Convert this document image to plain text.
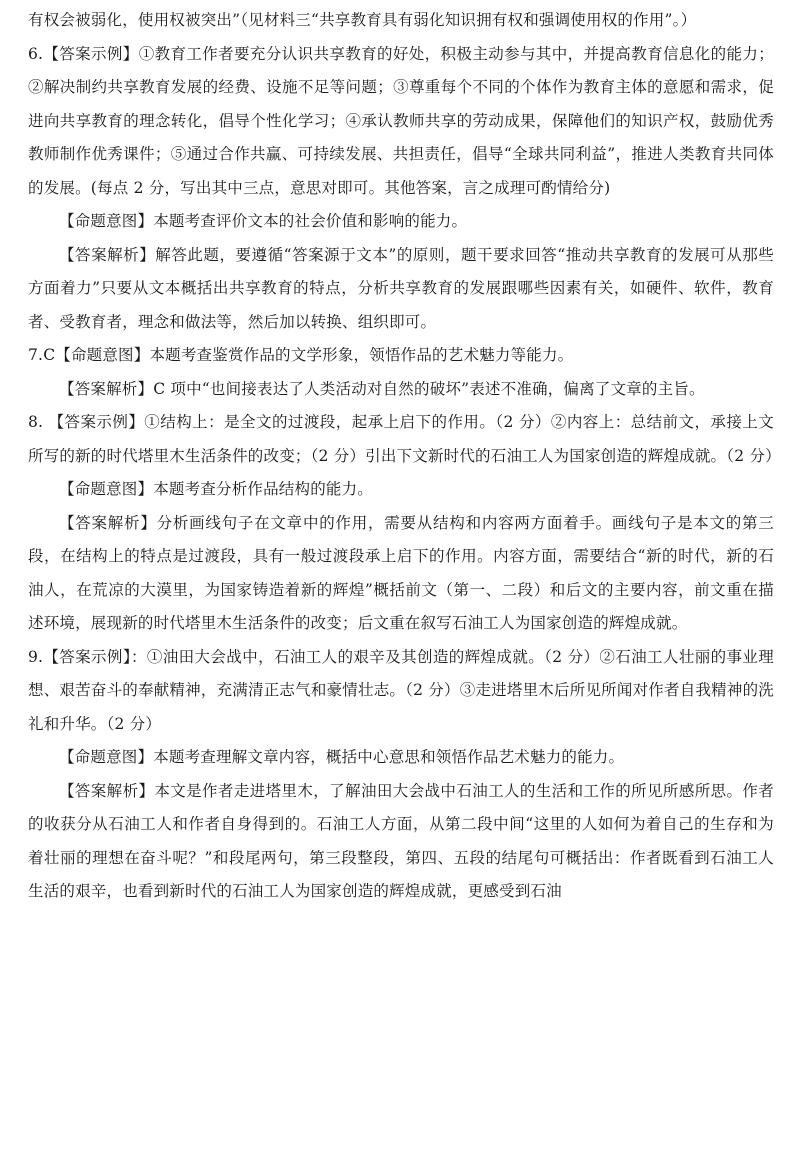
有权会被弱化，使用权被突出”（见材料三“共享教育具有弱化知识拥有权和强调使用权的作用”。）

6.【答案示例】①教育工作者要充分认识共享教育的好处，积极主动参与其中，并提高教育信息化的能力；②解决制约共享教育发展的经费、设施不足等问题；③尊重每个不同的个体作为教育主体的意愿和需求，促进向共享教育的理念转化，倡导个性化学习；④承认教师共享的劳动成果，保障他们的知识产权，鼓励优秀教师制作优秀课件；⑤通过合作共赢、可持续发展、共担责任，倡导“全球共同利益”，推进人类教育共同体的发展。(每点 2 分，写出其中三点，意思对即可。其他答案，言之成理可酌情给分)

【命题意图】本题考查评价文本的社会价值和影响的能力。

【答案解析】解答此题，要遵循“答案源于文本”的原则，题干要求回答“推动共享教育的发展可从那些方面着力”只要从文本概括出共享教育的特点，分析共享教育的发展跟哪些因素有关，如硬件、软件，教育者、受教育者，理念和做法等，然后加以转换、组织即可。

7.C【命题意图】本题考查鉴赏作品的文学形象，领悟作品的艺术魅力等能力。

【答案解析】C 项中“也间接表达了人类活动对自然的破坏”表述不准确，偏离了文章的主旨。

8. 【答案示例】①结构上：是全文的过渡段，起承上启下的作用。（2 分）②内容上：总结前文，承接上文所写的新的时代塔里木生活条件的改变；（2 分）引出下文新时代的石油工人为国家创造的辉煌成就。（2 分）

【命题意图】本题考查分析作品结构的能力。

【答案解析】分析画线句子在文章中的作用，需要从结构和内容两方面着手。画线句子是本文的第三段，在结构上的特点是过渡段，具有一般过渡段承上启下的作用。内容方面，需要结合“新的时代，新的石油人，在荒凉的大漠里，为国家铸造着新的辉煌”概括前文（第一、二段）和后文的主要内容，前文重在描述环境，展现新的时代塔里木生活条件的改变；后文重在叙写石油工人为国家创造的辉煌成就。

9.【答案示例】：①油田大会战中，石油工人的艰辛及其创造的辉煌成就。（2 分）②石油工人壮丽的事业理想、艰苦奋斗的奉献精神，充满清正志气和豪情壮志。（2 分）③走进塔里木后所见所闻对作者自我精神的洗礼和升华。（2 分）

【命题意图】本题考查理解文章内容，概括中心意思和领悟作品艺术魅力的能力。

【答案解析】本文是作者走进塔里木，了解油田大会战中石油工人的生活和工作的所见所感所思。作者的收获分从石油工人和作者自身得到的。石油工人方面，从第二段中间“这里的人如何为着自己的生存和为着壮丽的理想在奋斗呢？”和段尾两句，第三段整段，第四、五段的结尾句可概括出：作者既看到石油工人生活的艰辛，也看到新时代的石油工人为国家创造的辉煌成就，更感受到石油
